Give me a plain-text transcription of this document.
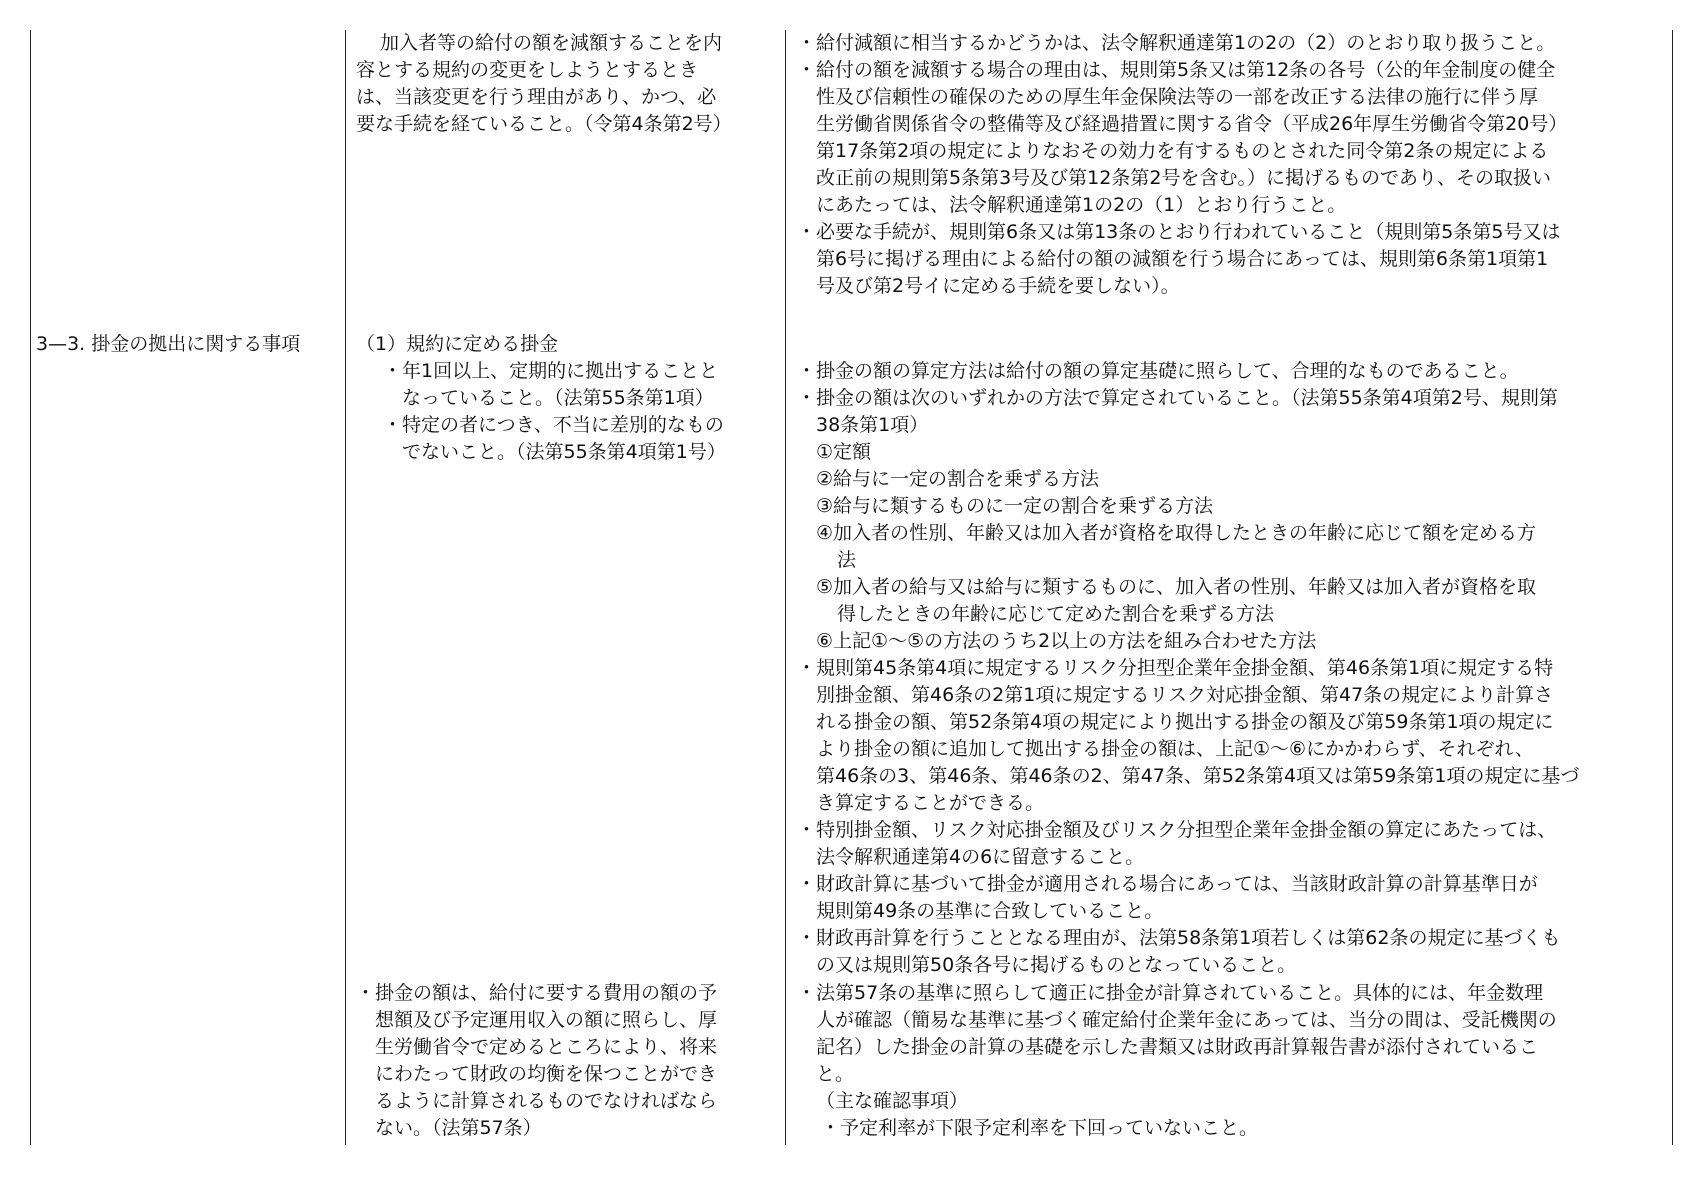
3—3. 掛金の拠出に関する事項
加入者等の給付の額を減額することを内
容とする規約の変更をしようとするとき
は、当該変更を行う理由があり、かつ、必
要な手続を経ていること。（令第4条第2号）
（1）規約に定める掛金
・年1回以上、定期的に拠出することと
なっていること。（法第55条第1項）
・特定の者につき、不当に差別的なもの
でないこと。（法第55条第4項第1号）
・掛金の額は、給付に要する費用の額の予
想額及び予定運用収入の額に照らし、厚
生労働省令で定めるところにより、将来
にわたって財政の均衡を保つことができ
るように計算されるものでなければなら
ない。（法第57条）
・給付減額に相当するかどうかは、法令解釈通達第1の2の（2）のとおり取り扱うこと。
・給付の額を減額する場合の理由は、規則第5条又は第12条の各号（公的年金制度の健全
性及び信頼性の確保のための厚生年金保険法等の一部を改正する法律の施行に伴う厚
生労働省関係省令の整備等及び経過措置に関する省令（平成26年厚生労働省令第20号）
第17条第2項の規定によりなおその効力を有するものとされた同令第2条の規定による
改正前の規則第5条第3号及び第12条第2号を含む。）に掲げるものであり、その取扱い
にあたっては、法令解釈通達第1の2の（1）とおり行うこと。
・必要な手続が、規則第6条又は第13条のとおり行われていること（規則第5条第5号又は
第6号に掲げる理由による給付の額の減額を行う場合にあっては、規則第6条第1項第1
号及び第2号イに定める手続を要しない）。
・掛金の額の算定方法は給付の額の算定基礎に照らして、合理的なものであること。
・掛金の額は次のいずれかの方法で算定されていること。（法第55条第4項第2号、規則第
38条第1項）
①定額
②給与に一定の割合を乗ずる方法
③給与に類するものに一定の割合を乗ずる方法
④加入者の性別、年齢又は加入者が資格を取得したときの年齢に応じて額を定める方
法
⑤加入者の給与又は給与に類するものに、加入者の性別、年齢又は加入者が資格を取
得したときの年齢に応じて定めた割合を乗ずる方法
⑥上記①～⑤の方法のうち2以上の方法を組み合わせた方法
・規則第45条第4項に規定するリスク分担型企業年金掛金額、第46条第1項に規定する特
別掛金額、第46条の2第1項に規定するリスク対応掛金額、第47条の規定により計算さ
れる掛金の額、第52条第4項の規定により拠出する掛金の額及び第59条第1項の規定に
より掛金の額に追加して拠出する掛金の額は、上記①～⑥にかかわらず、それぞれ、
第46条の3、第46条、第46条の2、第47条、第52条第4項又は第59条第1項の規定に基づ
き算定することができる。
・特別掛金額、リスク対応掛金額及びリスク分担型企業年金掛金額の算定にあたっては、
法令解釈通達第4の6に留意すること。
・財政計算に基づいて掛金が適用される場合にあっては、当該財政計算の計算基準日が
規則第49条の基準に合致していること。
・財政再計算を行うこととなる理由が、法第58条第1項若しくは第62条の規定に基づくも
の又は規則第50条各号に掲げるものとなっていること。
・法第57条の基準に照らして適正に掛金が計算されていること。具体的には、年金数理
人が確認（簡易な基準に基づく確定給付企業年金にあっては、当分の間は、受託機関の
記名）した掛金の計算の基礎を示した書類又は財政再計算報告書が添付されているこ
と。
（主な確認事項）
・予定利率が下限予定利率を下回っていないこと。
